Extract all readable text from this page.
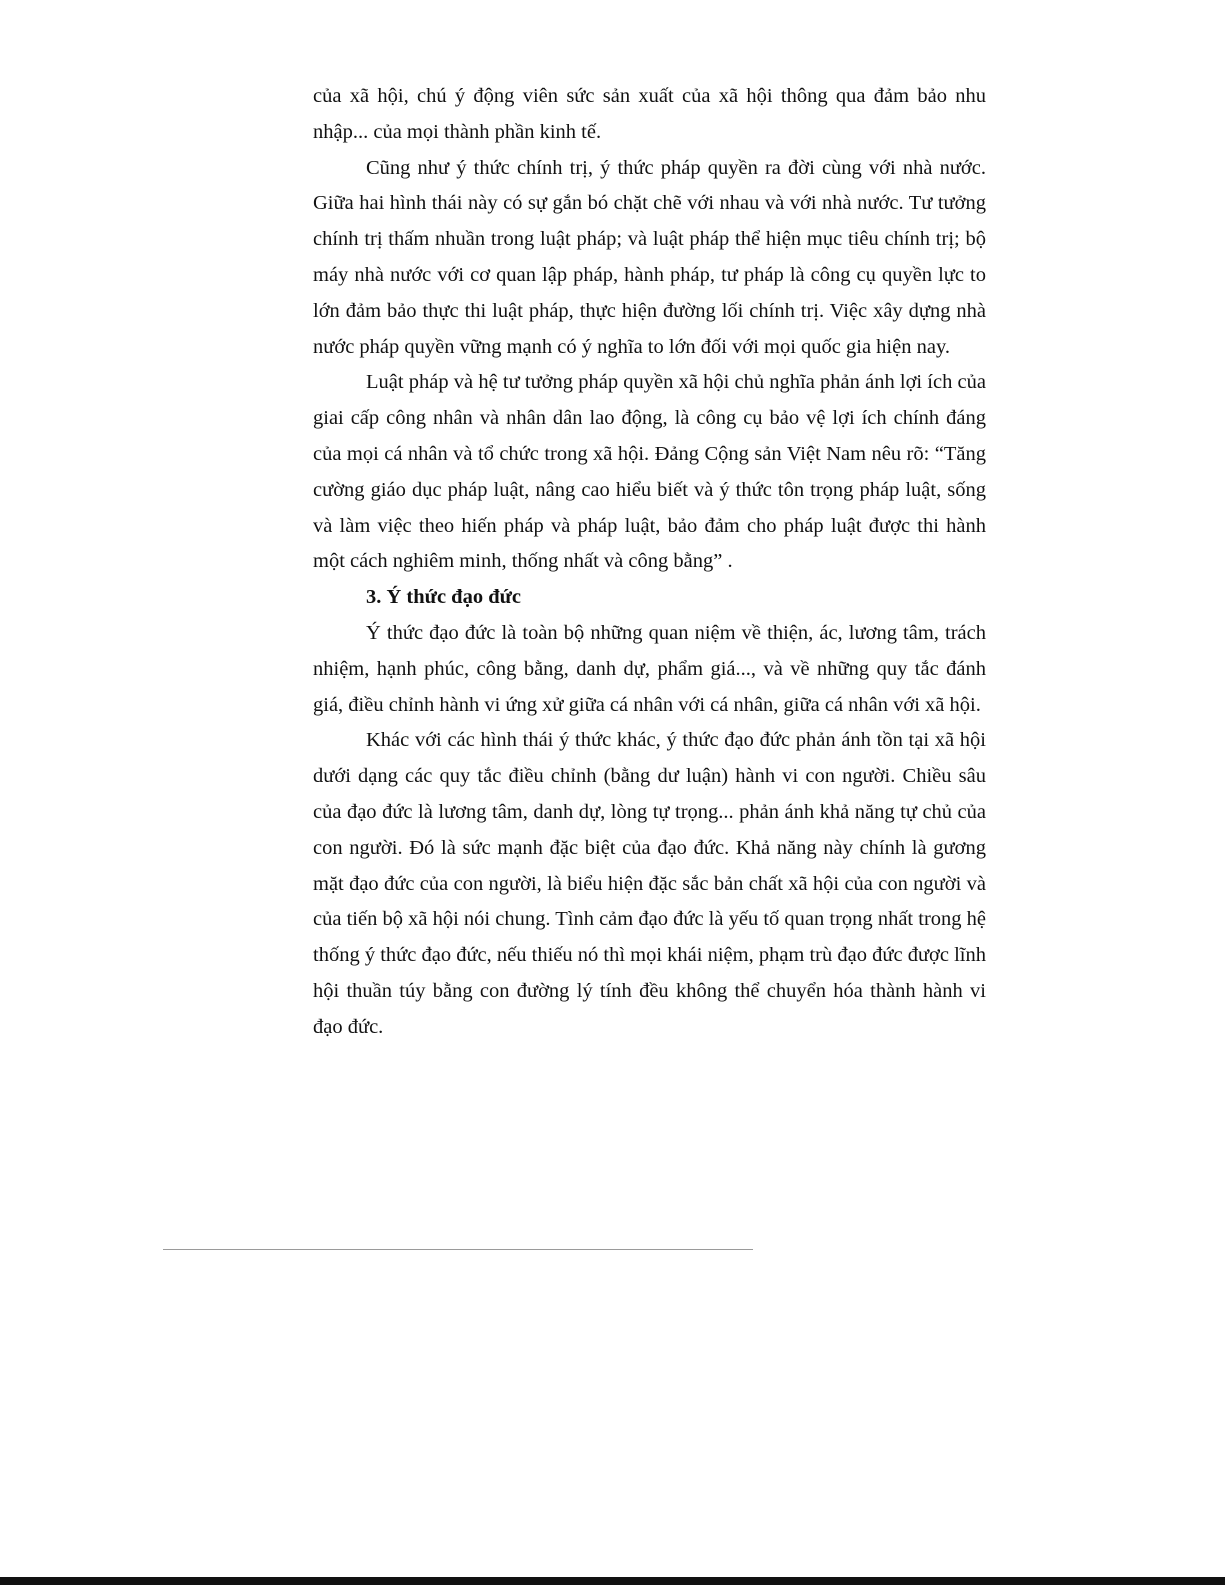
của xã hội, chú ý động viên sức sản xuất của xã hội thông qua đảm bảo nhu nhập... của mọi thành phần kinh tế.

Cũng như ý thức chính trị, ý thức pháp quyền ra đời cùng với nhà nước. Giữa hai hình thái này có sự gắn bó chặt chẽ với nhau và với nhà nước. Tư tưởng chính trị thấm nhuần trong luật pháp; và luật pháp thể hiện mục tiêu chính trị; bộ máy nhà nước với cơ quan lập pháp, hành pháp, tư pháp là công cụ quyền lực to lớn đảm bảo thực thi luật pháp, thực hiện đường lối chính trị. Việc xây dựng nhà nước pháp quyền vững mạnh có ý nghĩa to lớn đối với mọi quốc gia hiện nay.

Luật pháp và hệ tư tưởng pháp quyền xã hội chủ nghĩa phản ánh lợi ích của giai cấp công nhân và nhân dân lao động, là công cụ bảo vệ lợi ích chính đáng của mọi cá nhân và tổ chức trong xã hội. Đảng Cộng sản Việt Nam nêu rõ: “Tăng cường giáo dục pháp luật, nâng cao hiểu biết và ý thức tôn trọng pháp luật, sống và làm việc theo hiến pháp và pháp luật, bảo đảm cho pháp luật được thi hành một cách nghiêm minh, thống nhất và công bằng” .

3. Ý thức đạo đức

Ý thức đạo đức là toàn bộ những quan niệm về thiện, ác, lương tâm, trách nhiệm, hạnh phúc, công bằng, danh dự, phẩm giá..., và về những quy tắc đánh giá, điều chỉnh hành vi ứng xử giữa cá nhân với cá nhân, giữa cá nhân với xã hội.

Khác với các hình thái ý thức khác, ý thức đạo đức phản ánh tồn tại xã hội dưới dạng các quy tắc điều chỉnh (bằng dư luận) hành vi con người. Chiều sâu của đạo đức là lương tâm, danh dự, lòng tự trọng... phản ánh khả năng tự chủ của con người. Đó là sức mạnh đặc biệt của đạo đức. Khả năng này chính là gương mặt đạo đức của con người, là biểu hiện đặc sắc bản chất xã hội của con người và của tiến bộ xã hội nói chung. Tình cảm đạo đức là yếu tố quan trọng nhất trong hệ thống ý thức đạo đức, nếu thiếu nó thì mọi khái niệm, phạm trù đạo đức được lĩnh hội thuần túy bằng con đường lý tính đều không thể chuyển hóa thành hành vi đạo đức.
